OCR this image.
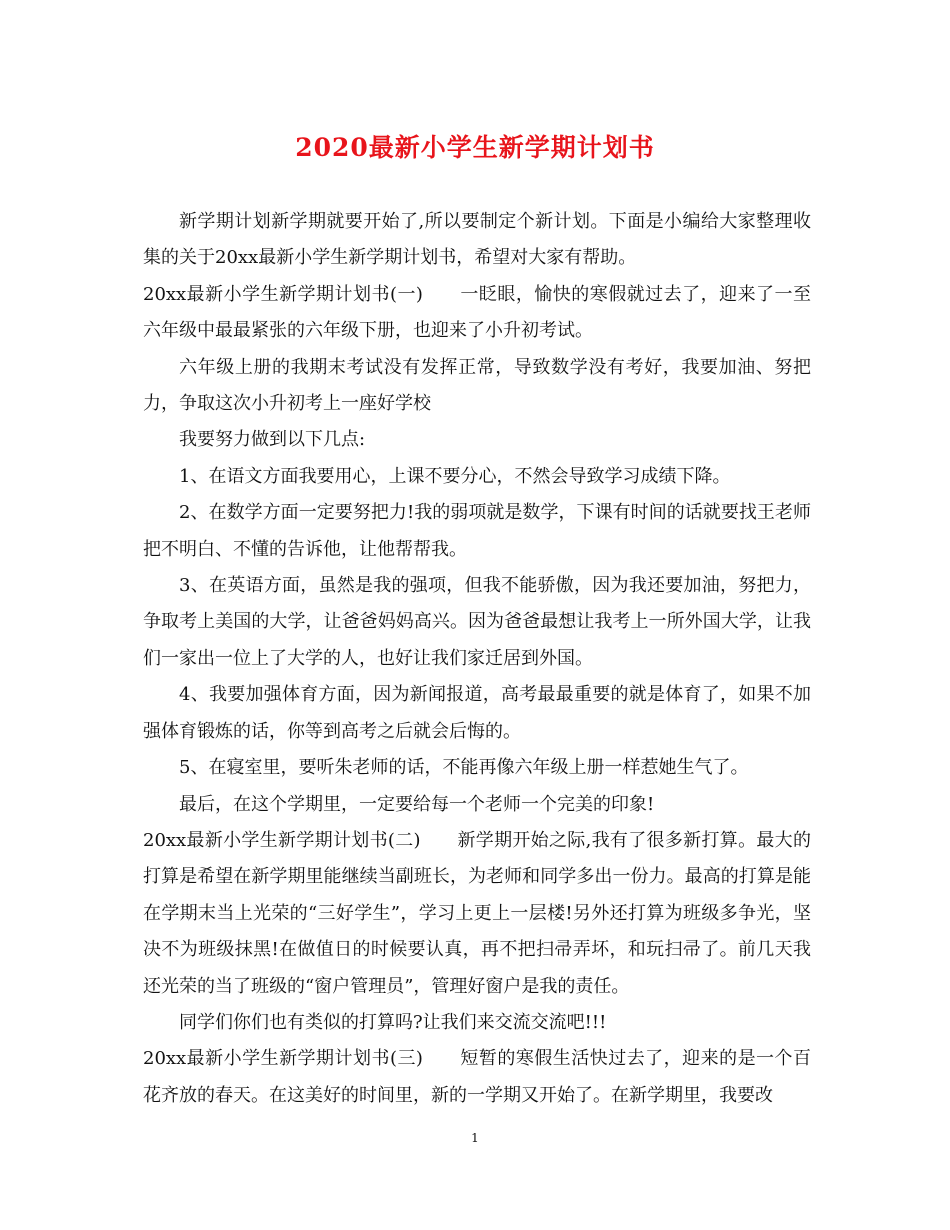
2020最新小学生新学期计划书

新学期计划新学期就要开始了,所以要制定个新计划。下面是小编给大家整理收集的关于20xx最新小学生新学期计划书，希望对大家有帮助。

20xx最新小学生新学期计划书(一)　　一眨眼，愉快的寒假就过去了，迎来了一至六年级中最最紧张的六年级下册，也迎来了小升初考试。

六年级上册的我期末考试没有发挥正常，导致数学没有考好，我要加油、努把力，争取这次小升初考上一座好学校

我要努力做到以下几点:

1、在语文方面我要用心，上课不要分心，不然会导致学习成绩下降。

2、在数学方面一定要努把力!我的弱项就是数学，下课有时间的话就要找王老师把不明白、不懂的告诉他，让他帮帮我。

3、在英语方面，虽然是我的强项，但我不能骄傲，因为我还要加油，努把力，争取考上美国的大学，让爸爸妈妈高兴。因为爸爸最想让我考上一所外国大学，让我们一家出一位上了大学的人，也好让我们家迁居到外国。

4、我要加强体育方面，因为新闻报道，高考最最重要的就是体育了，如果不加强体育锻炼的话，你等到高考之后就会后悔的。

5、在寝室里，要听朱老师的话，不能再像六年级上册一样惹她生气了。

最后，在这个学期里，一定要给每一个老师一个完美的印象!

20xx最新小学生新学期计划书(二)　　新学期开始之际,我有了很多新打算。最大的打算是希望在新学期里能继续当副班长，为老师和同学多出一份力。最高的打算是能在学期末当上光荣的“三好学生”，学习上更上一层楼!另外还打算为班级多争光，坚决不为班级抹黑!在做值日的时候要认真，再不把扫帚弄坏，和玩扫帚了。前几天我还光荣的当了班级的“窗户管理员”，管理好窗户是我的责任。

同学们你们也有类似的打算吗?让我们来交流交流吧!!!

20xx最新小学生新学期计划书(三)　　短暂的寒假生活快过去了，迎来的是一个百花齐放的春天。在这美好的时间里，新的一学期又开始了。在新学期里，我要改

1
